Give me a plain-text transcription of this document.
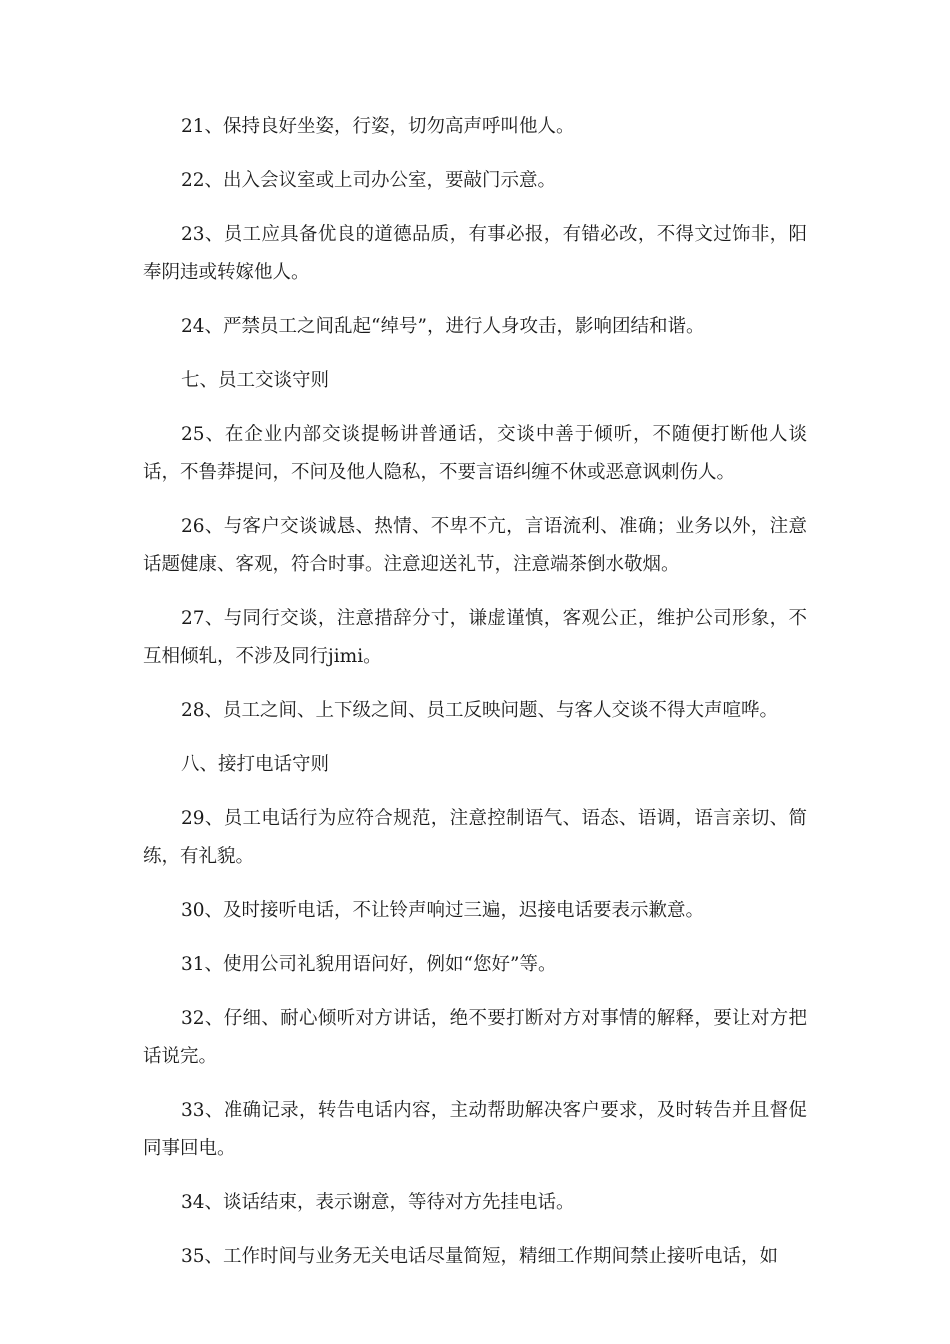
21、保持良好坐姿，行姿，切勿高声呼叫他人。

22、出入会议室或上司办公室，要敲门示意。

23、员工应具备优良的道德品质，有事必报，有错必改，不得文过饰非，阳奉阴违或转嫁他人。

24、严禁员工之间乱起“绰号”，进行人身攻击，影响团结和谐。

七、员工交谈守则

25、在企业内部交谈提畅讲普通话，交谈中善于倾听，不随便打断他人谈话，不鲁莽提问，不问及他人隐私，不要言语纠缠不休或恶意讽刺伤人。

26、与客户交谈诚恳、热情、不卑不亢，言语流利、准确；业务以外，注意话题健康、客观，符合时事。注意迎送礼节，注意端茶倒水敬烟。

27、与同行交谈，注意措辞分寸，谦虚谨慎，客观公正，维护公司形象，不互相倾轧，不涉及同行jimi。

28、员工之间、上下级之间、员工反映问题、与客人交谈不得大声喧哗。

八、接打电话守则

29、员工电话行为应符合规范，注意控制语气、语态、语调，语言亲切、简练，有礼貌。

30、及时接听电话，不让铃声响过三遍，迟接电话要表示歉意。

31、使用公司礼貌用语问好，例如“您好”等。

32、仔细、耐心倾听对方讲话，绝不要打断对方对事情的解释，要让对方把话说完。

33、准确记录，转告电话内容，主动帮助解决客户要求，及时转告并且督促同事回电。

34、谈话结束，表示谢意，等待对方先挂电话。

35、工作时间与业务无关电话尽量简短，精细工作期间禁止接听电话，如
